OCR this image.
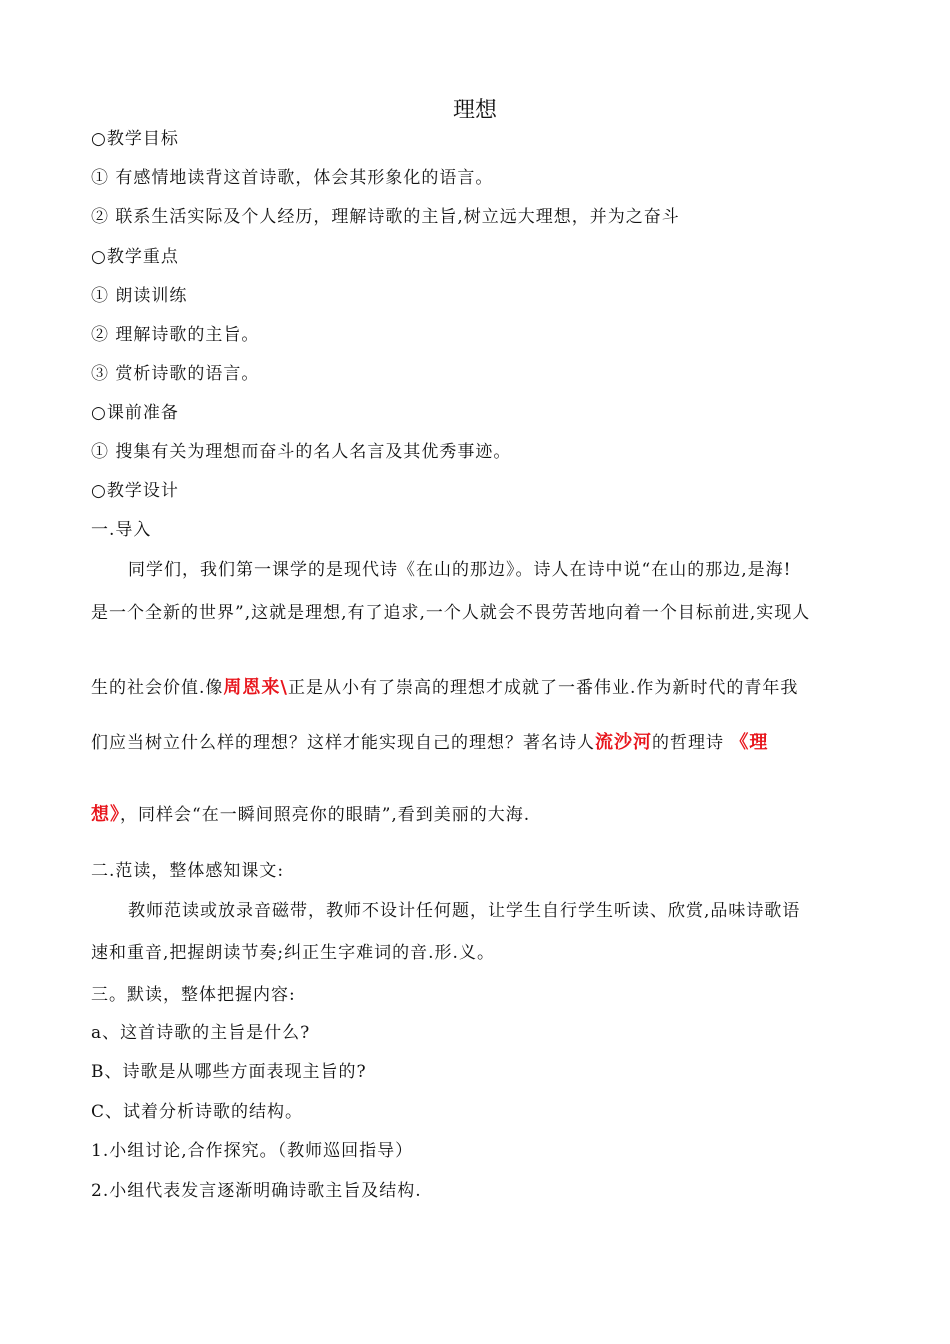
理想
○教学目标
① 有感情地读背这首诗歌，体会其形象化的语言。
② 联系生活实际及个人经历，理解诗歌的主旨,树立远大理想，并为之奋斗
○教学重点
① 朗读训练
② 理解诗歌的主旨。
③ 赏析诗歌的语言。
○课前准备
① 搜集有关为理想而奋斗的名人名言及其优秀事迹。
○教学设计
一.导入
同学们，我们第一课学的是现代诗《在山的那边》。诗人在诗中说“在山的那边,是海!
是一个全新的世界”,这就是理想,有了追求,一个人就会不畏劳苦地向着一个目标前进,实现人
生的社会价值.像周恩来\正是从小有了崇高的理想才成就了一番伟业.作为新时代的青年我
们应当树立什么样的理想？这样才能实现自己的理想？著名诗人流沙河的哲理诗 《理
想》，同样会“在一瞬间照亮你的眼睛”,看到美丽的大海.
二.范读，整体感知课文:
教师范读或放录音磁带，教师不设计任何题，让学生自行学生听读、欣赏,品味诗歌语
速和重音,把握朗读节奏;纠正生字难词的音.形.义。
三。默读，整体把握内容:
a、这首诗歌的主旨是什么?
B、诗歌是从哪些方面表现主旨的?
C、试着分析诗歌的结构。
1.小组讨论,合作探究。（教师巡回指导）
2.小组代表发言逐渐明确诗歌主旨及结构.
